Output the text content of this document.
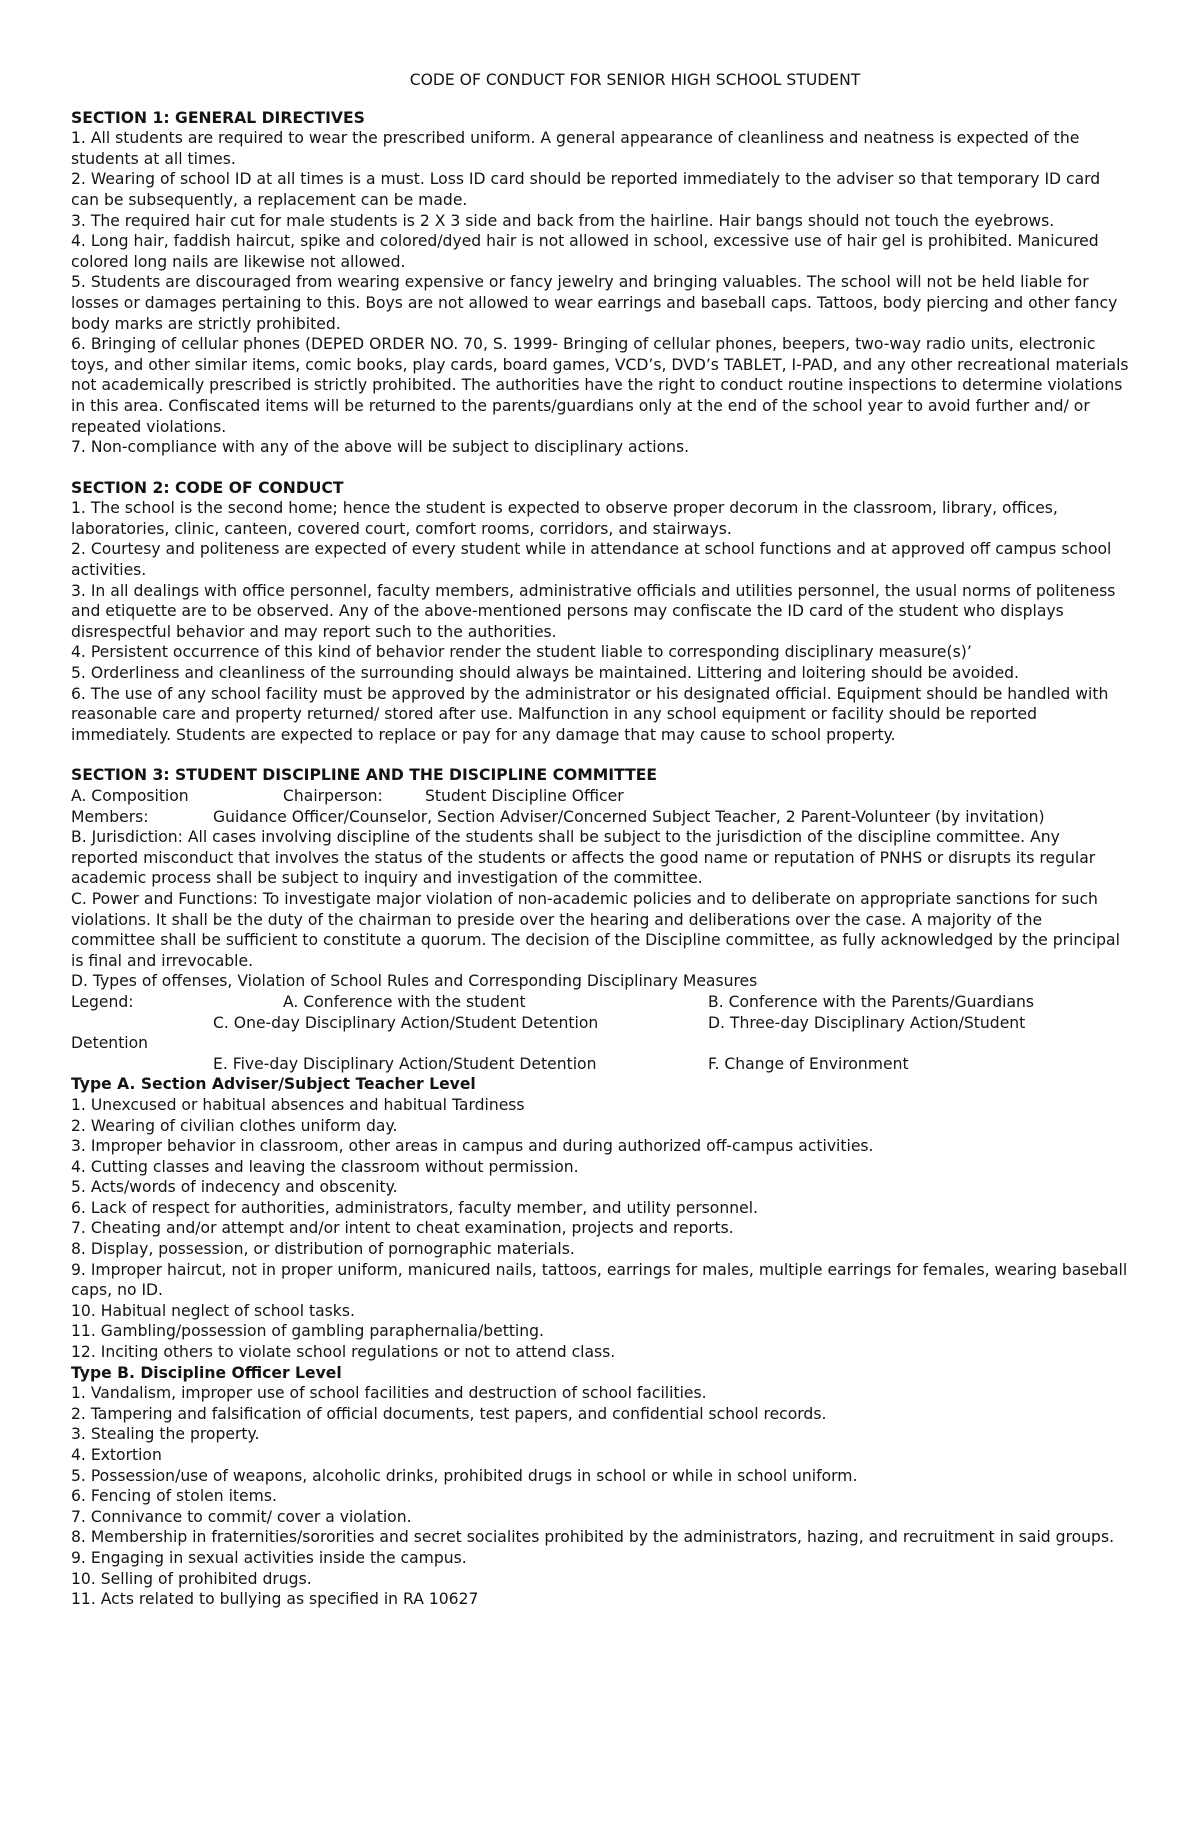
CODE OF CONDUCT FOR SENIOR HIGH SCHOOL STUDENT
SECTION 1: GENERAL DIRECTIVES
1. All students are required to wear the prescribed uniform. A general appearance of cleanliness and neatness is expected of the students at all times.
2. Wearing of school ID at all times is a must. Loss ID card should be reported immediately to the adviser so that temporary ID card can be subsequently, a replacement can be made.
3. The required hair cut for male students is 2 X 3 side and back from the hairline. Hair bangs should not touch the eyebrows.
4. Long hair, faddish haircut, spike and colored/dyed hair is not allowed in school, excessive use of hair gel is prohibited. Manicured colored long nails are likewise not allowed.
5. Students are discouraged from wearing expensive or fancy jewelry and bringing valuables. The school will not be held liable for losses or damages pertaining to this. Boys are not allowed to wear earrings and baseball caps. Tattoos, body piercing and other fancy body marks are strictly prohibited.
6. Bringing of cellular phones (DEPED ORDER NO. 70, S. 1999- Bringing of cellular phones, beepers, two-way radio units, electronic toys, and other similar items, comic books, play cards, board games, VCD’s, DVD’s TABLET, I-PAD, and any other recreational materials not academically prescribed is strictly prohibited. The authorities have the right to conduct routine inspections to determine violations in this area. Confiscated items will be returned to the parents/guardians only at the end of the school year to avoid further and/ or repeated violations.
7. Non-compliance with any of the above will be subject to disciplinary actions.
SECTION 2: CODE OF CONDUCT
1. The school is the second home; hence the student is expected to observe proper decorum in the classroom, library, offices, laboratories, clinic, canteen, covered court, comfort rooms, corridors, and stairways.
2. Courtesy and politeness are expected of every student while in attendance at school functions and at approved off campus school activities.
3. In all dealings with office personnel, faculty members, administrative officials and utilities personnel, the usual norms of politeness and etiquette are to be observed. Any of the above-mentioned persons may confiscate the ID card of the student who displays disrespectful behavior and may report such to the authorities.
4. Persistent occurrence of this kind of behavior render the student liable to corresponding disciplinary measure(s)’
5. Orderliness and cleanliness of the surrounding should always be maintained. Littering and loitering should be avoided.
6. The use of any school facility must be approved by the administrator or his designated official. Equipment should be handled with reasonable care and property returned/ stored after use. Malfunction in any school equipment or facility should be reported immediately. Students are expected to replace or pay for any damage that may cause to school property.
SECTION 3: STUDENT DISCIPLINE AND THE DISCIPLINE COMMITTEE
A. Composition	Chairperson:	Student Discipline Officer
Members:	Guidance Officer/Counselor, Section Adviser/Concerned Subject Teacher, 2 Parent-Volunteer (by invitation)
B. Jurisdiction: All cases involving discipline of the students shall be subject to the jurisdiction of the discipline committee. Any reported misconduct that involves the status of the students or affects the good name or reputation of PNHS or disrupts its regular academic process shall be subject to inquiry and investigation of the committee.
C. Power and Functions: To investigate major violation of non-academic policies and to deliberate on appropriate sanctions for such violations. It shall be the duty of the chairman to preside over the hearing and deliberations over the case. A majority of the committee shall be sufficient to constitute a quorum. The decision of the Discipline committee, as fully acknowledged by the principal is final and irrevocable.
D. Types of offenses, Violation of School Rules and Corresponding Disciplinary Measures
Legend:	A. Conference with the student	B. Conference with the Parents/Guardians
C. One-day Disciplinary Action/Student Detention	D. Three-day Disciplinary Action/Student
Detention
E. Five-day Disciplinary Action/Student Detention	F. Change of Environment
Type A. Section Adviser/Subject Teacher Level
1. Unexcused or habitual absences and habitual Tardiness
2. Wearing of civilian clothes uniform day.
3. Improper behavior in classroom, other areas in campus and during authorized off-campus activities.
4. Cutting classes and leaving the classroom without permission.
5. Acts/words of indecency and obscenity.
6. Lack of respect for authorities, administrators, faculty member, and utility personnel.
7. Cheating and/or attempt and/or intent to cheat examination, projects and reports.
8. Display, possession, or distribution of pornographic materials.
9. Improper haircut, not in proper uniform, manicured nails, tattoos, earrings for males, multiple earrings for females, wearing baseball caps, no ID.
10. Habitual neglect of school tasks.
11. Gambling/possession of gambling paraphernalia/betting.
12. Inciting others to violate school regulations or not to attend class.
Type B. Discipline Officer Level
1. Vandalism, improper use of school facilities and destruction of school facilities.
2. Tampering and falsification of official documents, test papers, and confidential school records.
3. Stealing the property.
4. Extortion
5. Possession/use of weapons, alcoholic drinks, prohibited drugs in school or while in school uniform.
6. Fencing of stolen items.
7. Connivance to commit/ cover a violation.
8. Membership in fraternities/sororities and secret socialites prohibited by the administrators, hazing, and recruitment in said groups.
9. Engaging in sexual activities inside the campus.
10. Selling of prohibited drugs.
11. Acts related to bullying as specified in RA 10627
